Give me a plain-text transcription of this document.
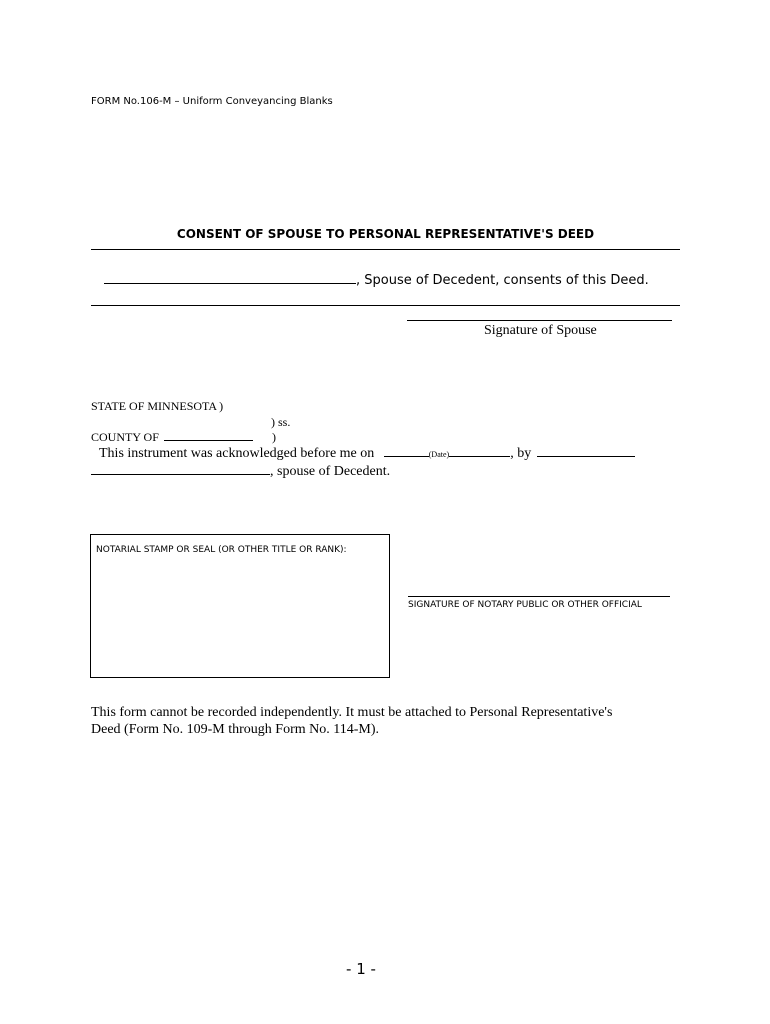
FORM No.106-M – Uniform Conveyancing Blanks
CONSENT OF SPOUSE TO PERSONAL REPRESENTATIVE'S DEED
, Spouse of Decedent, consents of this Deed.
Signature of Spouse
STATE OF MINNESOTA )
) ss.
COUNTY OF	)
This instrument was acknowledged before me on	(Date)	, by
, spouse of Decedent.
NOTARIAL STAMP OR SEAL (OR OTHER TITLE OR RANK):
SIGNATURE OF NOTARY PUBLIC OR OTHER OFFICIAL
This form cannot be recorded independently. It must be attached to Personal Representative's
Deed (Form No. 109-M through Form No. 114-M).
- 1 -
